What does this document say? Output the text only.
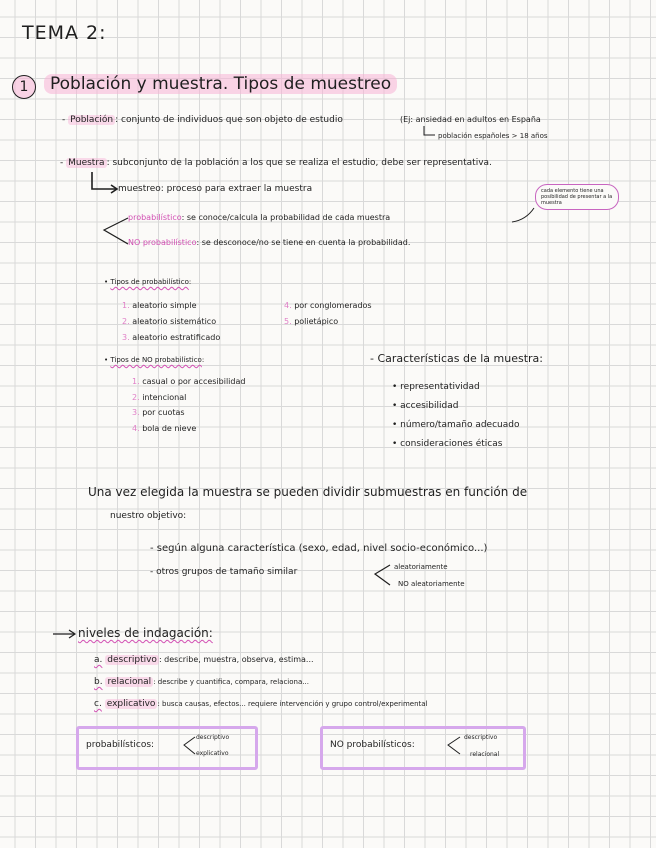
TEMA 2:
1	Población y muestra. Tipos de muestreo
- Población : conjunto de individuos que son objeto de estudio	(Ej: ansiedad en adultos en España
población españoles > 18 años
- Muestra : subconjunto de la población a los que se realiza el estudio, debe ser representativa.
muestreo: proceso para extraer la muestra
probabilístico: se conoce/calcula la probabilidad de cada muestra
NO probabilístico: se desconoce/no se tiene en cuenta la probabilidad.
cada elemento tiene una posibilidad de presentar a la muestra
• Tipos de probabilístico:
1. aleatorio simple
2. aleatorio sistemático
3. aleatorio estratificado
4. por conglomerados
5. polietápico
• Tipos de NO probabilístico:
1. casual o por accesibilidad
2. intencional
3. por cuotas
4. bola de nieve
- Características de la muestra:
• representatividad
• accesibilidad
• número/tamaño adecuado
• consideraciones éticas
Una vez elegida la muestra se pueden dividir submuestras en función de
nuestro objetivo:
- según alguna característica (sexo, edad, nivel socio-económico...)
- otros grupos de tamaño similar	aleatoriamente
NO aleatoriamente
niveles de indagación:
a. descriptivo : describe, muestra, observa, estima...
b. relacional : describe y cuantifica, compara, relaciona...
c. explicativo : busca causas, efectos... requiere intervención y grupo control/experimental
probabilísticos:
descriptivo
explicativo
NO probabilísticos:
descriptivo
relacional
